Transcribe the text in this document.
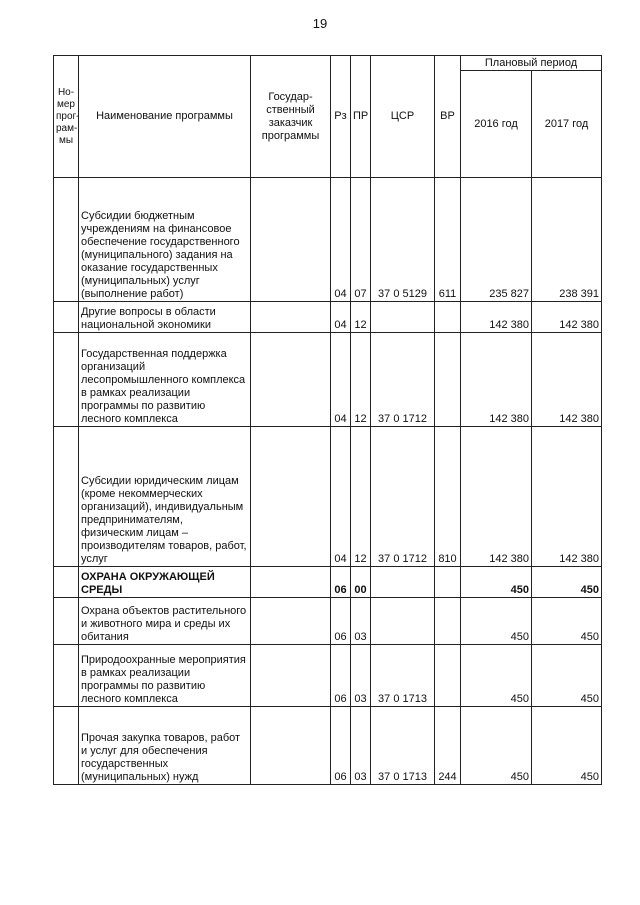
19
Но-
мер
прог-
рам-
мы	Наименование программы	Государ-
ственный
заказчик
программы	Рз	ПР	ЦСР	ВР	Плановый период	
							2016 год	2017 год
	Субсидии бюджетным учреждениям на финансовое обеспечение государственного (муниципального) задания на оказание государственных (муниципальных) услуг (выполнение работ)		04	07	37 0 5129	611	235 827	238 391
	Другие вопросы в области национальной экономики		04	12			142 380	142 380
	Государственная поддержка организаций лесопромышленного комплекса в рамках реализации программы по развитию лесного комплекса		04	12	37 0 1712		142 380	142 380
	Субсидии юридическим лицам (кроме некоммерческих организаций), индивидуальным предпринимателям, физическим лицам – производителям товаров, работ, услуг		04	12	37 0 1712	810	142 380	142 380
	ОХРАНА ОКРУЖАЮЩЕЙ СРЕДЫ		06	00			450	450
	Охрана объектов растительного и животного мира и среды их обитания		06	03			450	450
	Природоохранные мероприятия в рамках реализации программы по развитию лесного комплекса		06	03	37 0 1713		450	450
	Прочая закупка товаров, работ и услуг для обеспечения государственных (муниципальных) нужд		06	03	37 0 1713	244	450	450
